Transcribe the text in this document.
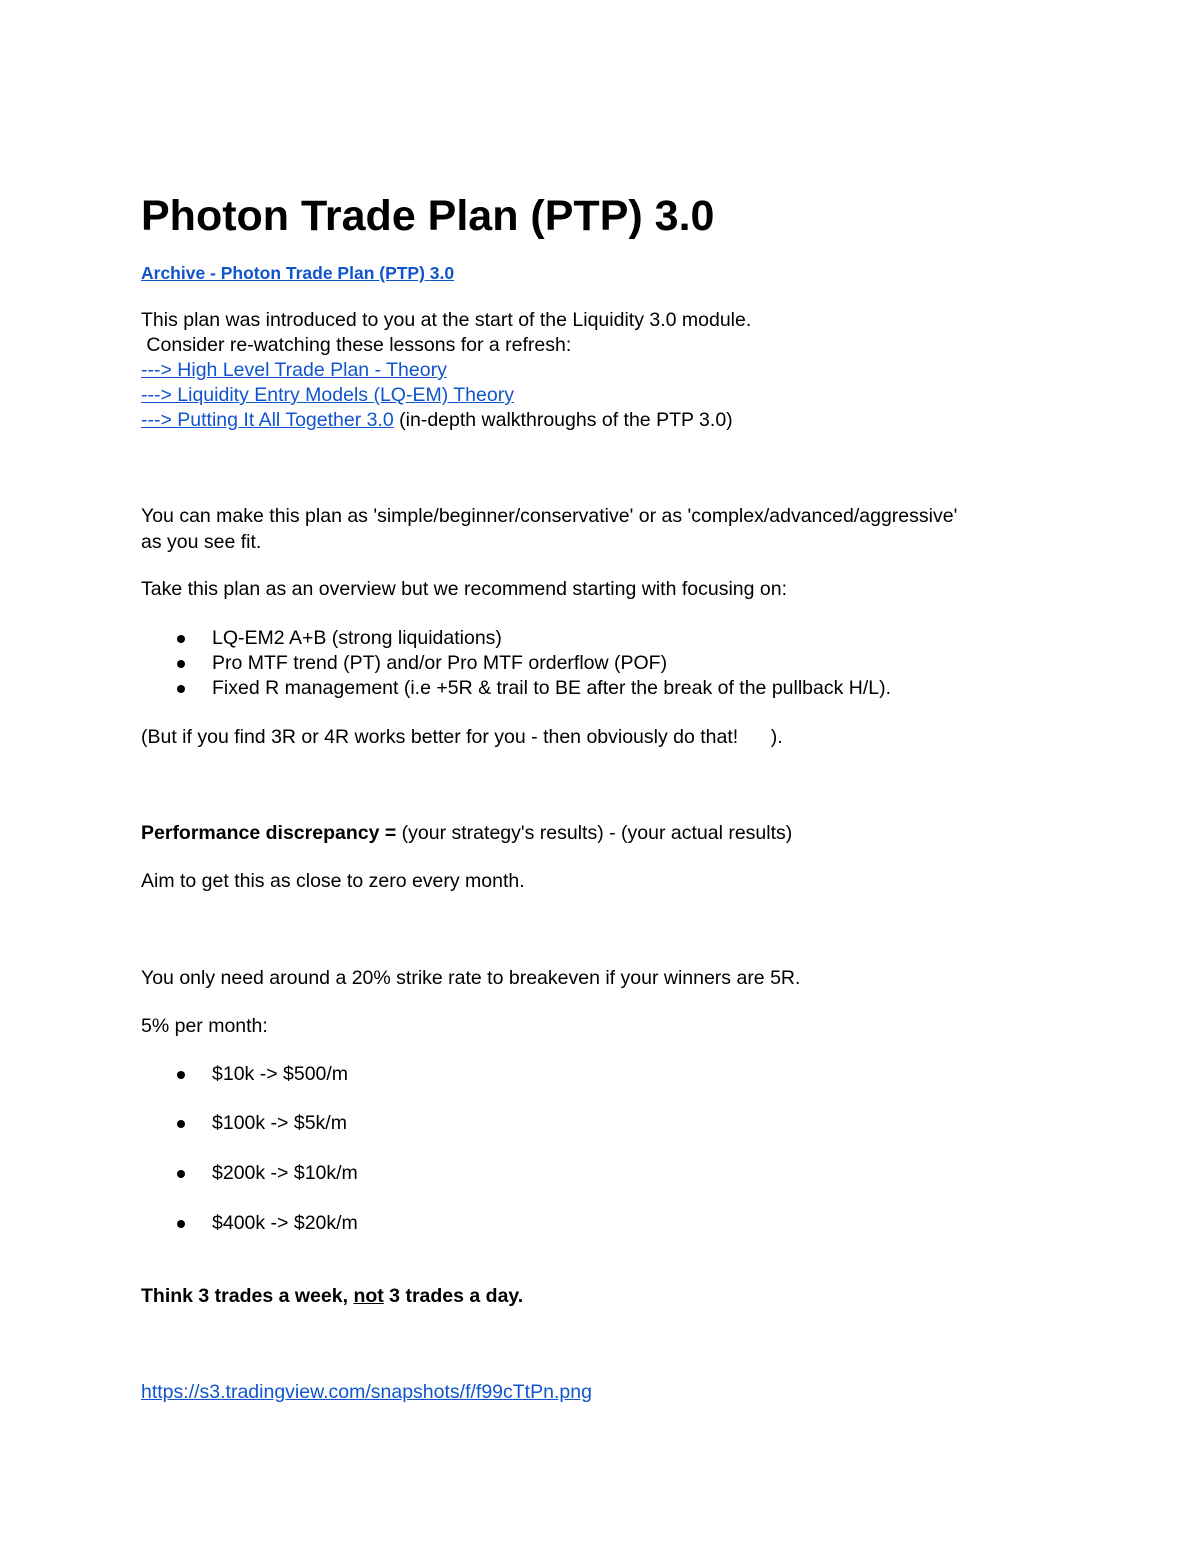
Photon Trade Plan (PTP) 3.0
Archive - Photon Trade Plan (PTP) 3.0
This plan was introduced to you at the start of the Liquidity 3.0 module.
Consider re-watching these lessons for a refresh:
---> High Level Trade Plan - Theory
---> Liquidity Entry Models (LQ-EM) Theory
---> Putting It All Together 3.0 (in-depth walkthroughs of the PTP 3.0)
You can make this plan as 'simple/beginner/conservative' or as 'complex/advanced/aggressive'
as you see fit.
Take this plan as an overview but we recommend starting with focusing on:
LQ-EM2 A+B (strong liquidations)
Pro MTF trend (PT) and/or Pro MTF orderflow (POF)
Fixed R management (i.e +5R & trail to BE after the break of the pullback H/L).
(But if you find 3R or 4R works better for you - then obviously do that!      ).
Performance discrepancy = (your strategy's results) - (your actual results)
Aim to get this as close to zero every month.
You only need around a 20% strike rate to breakeven if your winners are 5R.
5% per month:
$10k -> $500/m
$100k -> $5k/m
$200k -> $10k/m
$400k -> $20k/m
Think 3 trades a week, not 3 trades a day.
https://s3.tradingview.com/snapshots/f/f99cTtPn.png
